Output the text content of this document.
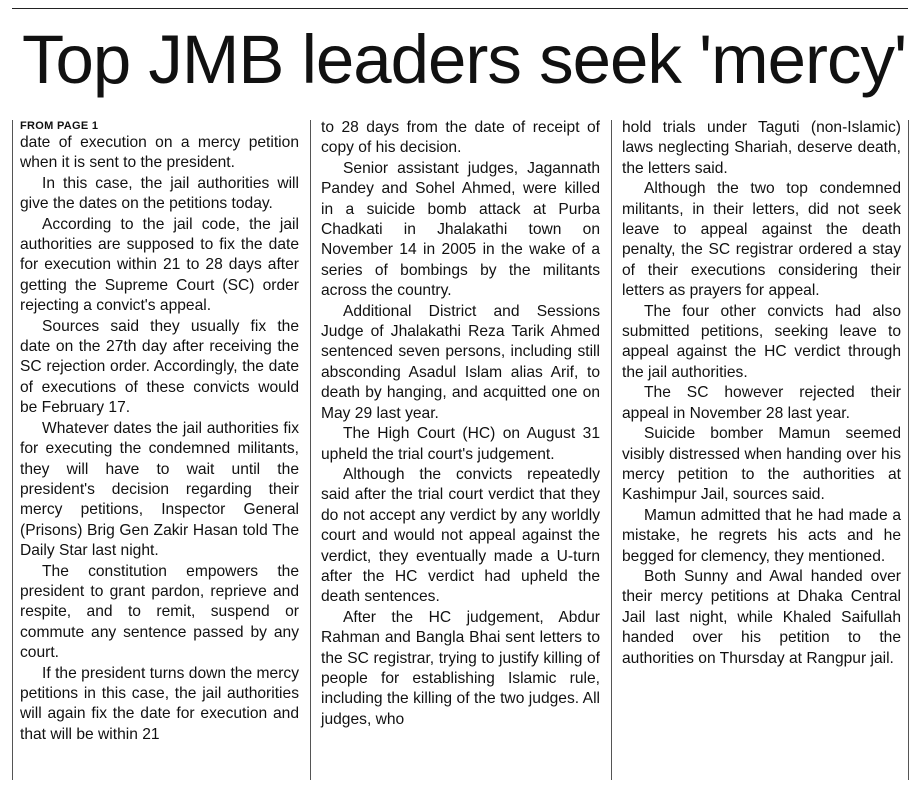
Top JMB leaders seek 'mercy'
FROM PAGE 1

date of execution on a mercy petition when it is sent to the president.

In this case, the jail authorities will give the dates on the petitions today.

According to the jail code, the jail authorities are supposed to fix the date for execution within 21 to 28 days after getting the Supreme Court (SC) order rejecting a convict's appeal.

Sources said they usually fix the date on the 27th day after receiving the SC rejection order. Accordingly, the date of executions of these convicts would be February 17.

Whatever dates the jail authorities fix for executing the condemned militants, they will have to wait until the president's decision regarding their mercy petitions, Inspector General (Prisons) Brig Gen Zakir Hasan told The Daily Star last night.

The constitution empowers the president to grant pardon, reprieve and respite, and to remit, suspend or commute any sentence passed by any court.

If the president turns down the mercy petitions in this case, the jail authorities will again fix the date for execution and that will be within 21

to 28 days from the date of receipt of copy of his decision.

Senior assistant judges, Jagannath Pandey and Sohel Ahmed, were killed in a suicide bomb attack at Purba Chadkati in Jhalakathi town on November 14 in 2005 in the wake of a series of bombings by the militants across the country.

Additional District and Sessions Judge of Jhalakathi Reza Tarik Ahmed sentenced seven persons, including still absconding Asadul Islam alias Arif, to death by hanging, and acquitted one on May 29 last year.

The High Court (HC) on August 31 upheld the trial court's judgement.

Although the convicts repeatedly said after the trial court verdict that they do not accept any verdict by any worldly court and would not appeal against the verdict, they eventually made a U-turn after the HC verdict had upheld the death sentences.

After the HC judgement, Abdur Rahman and Bangla Bhai sent letters to the SC registrar, trying to justify killing of people for establishing Islamic rule, including the killing of the two judges. All judges, who

hold trials under Taguti (non-Islamic) laws neglecting Shariah, deserve death, the letters said.

Although the two top condemned militants, in their letters, did not seek leave to appeal against the death penalty, the SC registrar ordered a stay of their executions considering their letters as prayers for appeal.

The four other convicts had also submitted petitions, seeking leave to appeal against the HC verdict through the jail authorities.

The SC however rejected their appeal in November 28 last year.

Suicide bomber Mamun seemed visibly distressed when handing over his mercy petition to the authorities at Kashimpur Jail, sources said.

Mamun admitted that he had made a mistake, he regrets his acts and he begged for clemency, they mentioned.

Both Sunny and Awal handed over their mercy petitions at Dhaka Central Jail last night, while Khaled Saifullah handed over his petition to the authorities on Thursday at Rangpur jail.
